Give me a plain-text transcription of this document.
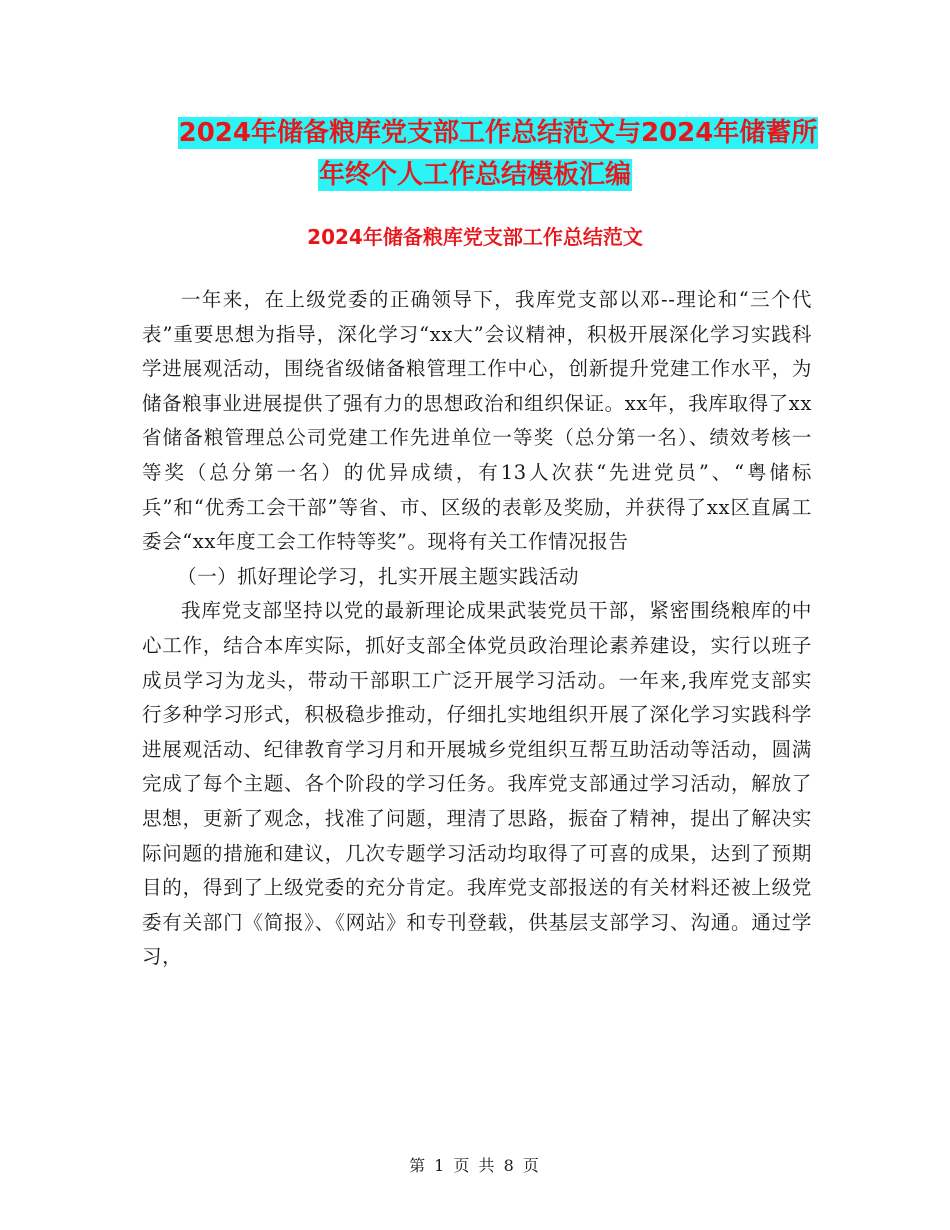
2024年储备粮库党支部工作总结范文与2024年储蓄所
年终个人工作总结模板汇编
2024年储备粮库党支部工作总结范文

一年来，在上级党委的正确领导下，我库党支部以邓--理论和“三个代表”重要思想为指导，深化学习“xx大”会议精神，积极开展深化学习实践科学进展观活动，围绕省级储备粮管理工作中心，创新提升党建工作水平，为储备粮事业进展提供了强有力的思想政治和组织保证。xx年，我库取得了xx省储备粮管理总公司党建工作先进单位一等奖（总分第一名）、绩效考核一等奖（总分第一名）的优异成绩，有13人次获“先进党员”、“粤储标兵”和“优秀工会干部”等省、市、区级的表彰及奖励，并获得了xx区直属工委会“xx年度工会工作特等奖”。现将有关工作情况报告

（一）抓好理论学习，扎实开展主题实践活动

我库党支部坚持以党的最新理论成果武装党员干部，紧密围绕粮库的中心工作，结合本库实际，抓好支部全体党员政治理论素养建设，实行以班子成员学习为龙头，带动干部职工广泛开展学习活动。一年来,我库党支部实行多种学习形式，积极稳步推动，仔细扎实地组织开展了深化学习实践科学进展观活动、纪律教育学习月和开展城乡党组织互帮互助活动等活动，圆满完成了每个主题、各个阶段的学习任务。我库党支部通过学习活动，解放了思想，更新了观念，找准了问题，理清了思路，振奋了精神，提出了解决实际问题的措施和建议，几次专题学习活动均取得了可喜的成果，达到了预期目的，得到了上级党委的充分肯定。我库党支部报送的有关材料还被上级党委有关部门《简报》、《网站》和专刊登载，供基层支部学习、沟通。通过学习，

第 1 页 共 8 页
